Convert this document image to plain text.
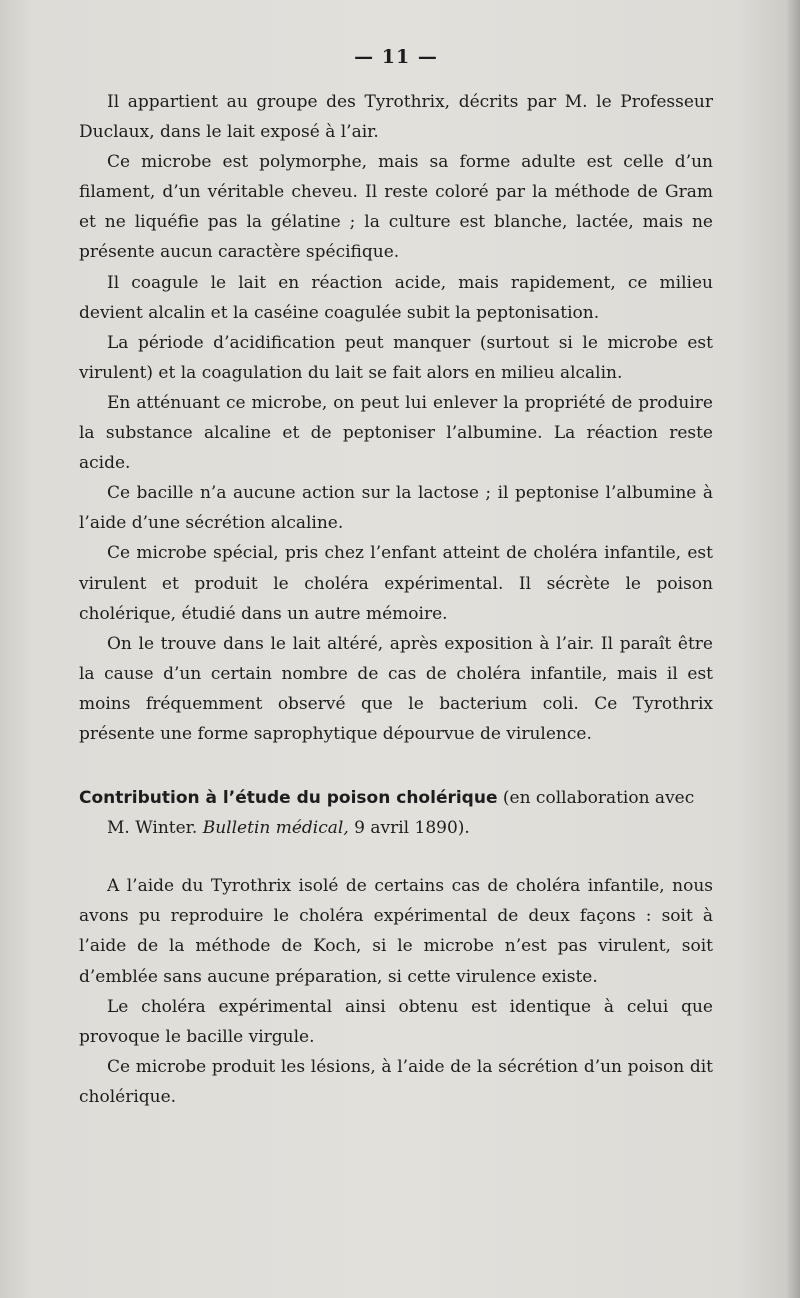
— 11 —

Il appartient au groupe des Tyrothrix, décrits par M. le Professeur Duclaux, dans le lait exposé à l’air.

Ce microbe est polymorphe, mais sa forme adulte est celle d’un filament, d’un véritable cheveu. Il reste coloré par la méthode de Gram et ne liquéfie pas la gélatine ; la culture est blanche, lactée, mais ne présente aucun caractère spécifique.

Il coagule le lait en réaction acide, mais rapidement, ce milieu devient alcalin et la caséine coagulée subit la peptonisation.

La période d’acidification peut manquer (surtout si le microbe est virulent) et la coagulation du lait se fait alors en milieu alcalin.

En atténuant ce microbe, on peut lui enlever la propriété de produire la substance alcaline et de peptoniser l’albumine. La réaction reste acide.

Ce bacille n’a aucune action sur la lactose ; il peptonise l’albumine à l’aide d’une sécrétion alcaline.

Ce microbe spécial, pris chez l’enfant atteint de choléra infantile, est virulent et produit le choléra expérimental. Il sécrète le poison cholérique, étudié dans un autre mémoire.

On le trouve dans le lait altéré, après exposition à l’air. Il paraît être la cause d’un certain nombre de cas de choléra infantile, mais il est moins fréquemment observé que le bacterium coli. Ce Tyrothrix présente une forme saprophytique dépourvue de virulence.

Contribution à l’étude du poison cholérique (en collaboration avec M. Winter. Bulletin médical, 9 avril 1890).

A l’aide du Tyrothrix isolé de certains cas de choléra infantile, nous avons pu reproduire le choléra expérimental de deux façons : soit à l’aide de la méthode de Koch, si le microbe n’est pas virulent, soit d’emblée sans aucune préparation, si cette virulence existe.

Le choléra expérimental ainsi obtenu est identique à celui que provoque le bacille virgule.

Ce microbe produit les lésions, à l’aide de la sécrétion d’un poison dit cholérique.
